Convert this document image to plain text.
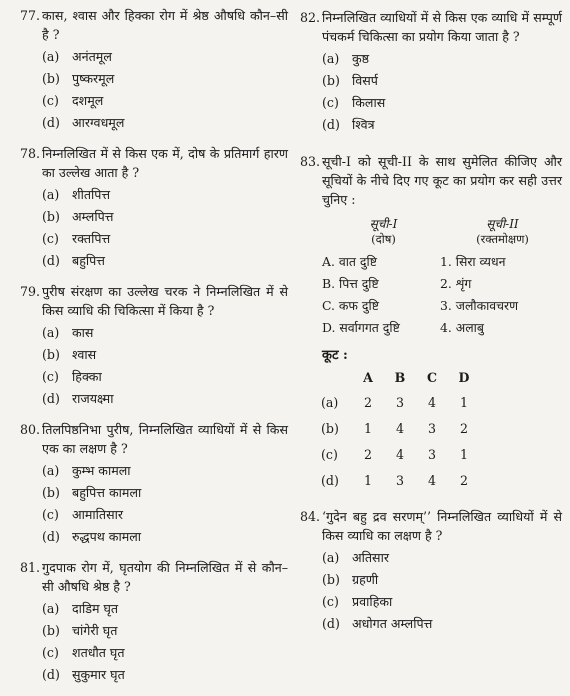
77. कास, श्वास और हिक्का रोग में श्रेष्ठ औषधि कौन–सी है ?
(a)	अनंतमूल
(b) पुष्करमूल
(c)	दशमूल
(d) आरग्वधमूल
78. निम्नलिखित में से किस एक में, दोष के प्रतिमार्ग हारण का उल्लेख आता है ?
(a)	शीतपित्त
(b) अम्लपित्त
(c)	रक्तपित्त
(d) बहुपित्त
79. पुरीष संरक्षण का उल्लेख चरक ने निम्नलिखित में से किस व्याधि की चिकित्सा में किया है ?
(a)	कास
(b) श्वास
(c)	हिक्का
(d) राजयक्ष्मा
80. तिलपिष्ठनिभा पुरीष, निम्नलिखित व्याधियों में से किस एक का लक्षण है ?
(a)	कुम्भ कामला
(b) बहुपित्त कामला
(c)	आमातिसार
(d) रुद्धपथ कामला
81. गुदपाक रोग में, घृतयोग की निम्नलिखित में से कौन–सी औषधि श्रेष्ठ है ?
(a)	दाडिम घृत
(b) चांगेरी घृत
(c)	शतधौत घृत
(d) सुकुमार घृत
82. निम्नलिखित व्याधियों में से किस एक व्याधि में सम्पूर्ण पंचकर्म चिकित्सा का प्रयोग किया जाता है ?
(a)	कुष्ठ
(b) विसर्प
(c)	किलास
(d) श्वित्र
83. सूची-I को सूची-II के साथ सुमेलित कीजिए और सूचियों के नीचे दिए गए कूट का प्रयोग कर सही उत्तर चुनिए :
सूची-I	सूची-II
(दोष)	(रक्तमोक्षण)
A. वात दुष्टि	1. सिरा व्यधन
B. पित्त दुष्टि	2. शृंग
C. कफ दुष्टि	3. जलौकावचरण
D. सर्वागगत दुष्टि	4. अलाबु
कूट :
	A	B	C	D
(a)	2	3	4	1
(b)	1	4	3	2
(c)	2	4	3	1
(d)	1	3	4	2
84. ‘गुदेन बहु द्रव सरणम्’’ निम्नलिखित व्याधियों में से किस व्याधि का लक्षण है ?
(a)	अतिसार
(b) ग्रहणी
(c)	प्रवाहिका
(d) अधोगत अम्लपित्त
